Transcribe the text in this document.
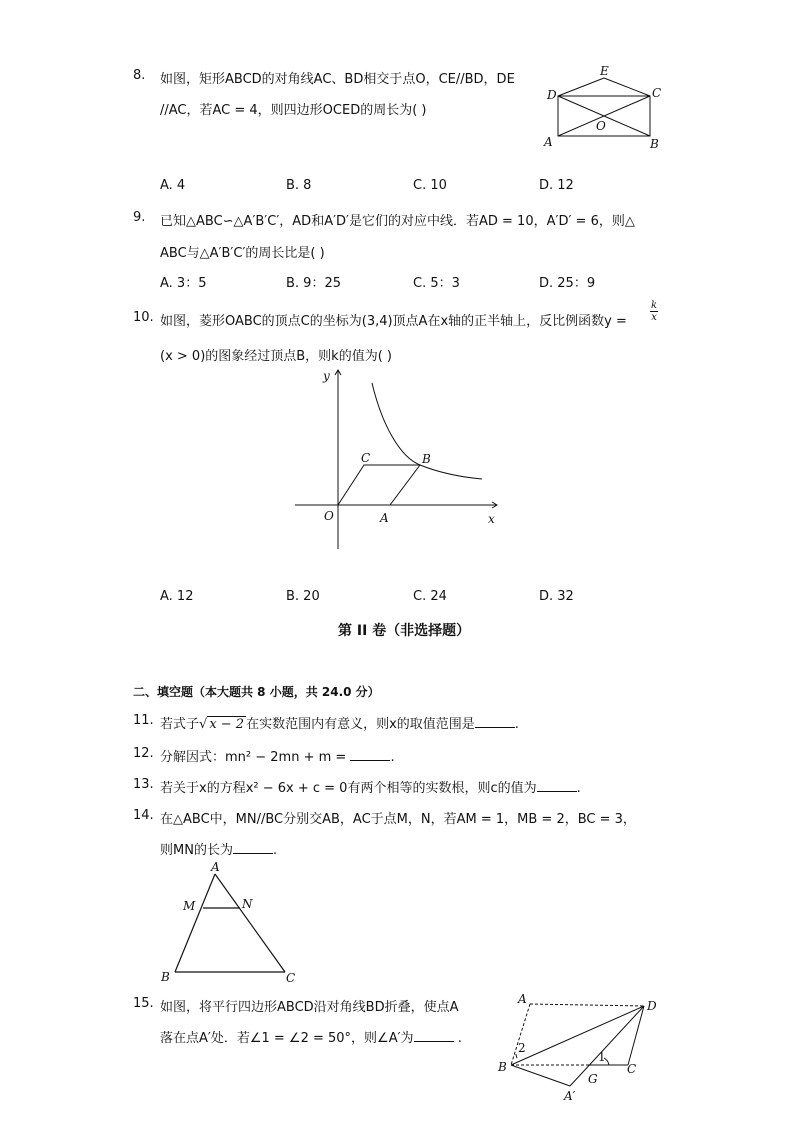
8. 如图，矩形ABCD的对角线AC、BD相交于点O，CE//BD，DE
//AC，若AC = 4，则四边形OCED的周长为( )
E
D	C
O
A	B
A. 4	B. 8	C. 10	D. 12
9. 已知△ABC∽△A′B′C′，AD和A′D′是它们的对应中线．若AD = 10，A′D′ = 6，则△
ABC与△A′B′C′的周长比是( )
A. 3：5	B. 9：25	C. 5：3	D. 25：9
10. 如图，菱形OABC的顶点C的坐标为(3,4)顶点A在x轴的正半轴上，反比例函数$y = \frac{k}{x}$
(x > 0)的图象经过顶点B，则k的值为( )
y
x
O	A
C	B
A. 12	B. 20	C. 24	D. 32
第 II 卷（非选择题）
二、填空题（本大题共 8 小题，共 24.0 分）
11. 若式子√ x − 2 在实数范围内有意义，则x的取值范围是	.
12. 分解因式：mn² − 2mn + m =	.
13. 若关于x的方程x² − 6x + c = 0有两个相等的实数根，则c的值为	.
14. 在△ABC中，MN//BC分别交AB，AC于点M，N，若AM = 1，MB = 2，BC = 3，
则MN的长为	.
A
M	N
B	C
15. 如图，将平行四边形ABCD沿对角线BD折叠，使点A
落在点A′处．若∠1 = ∠2 = 50°，则∠A′为	.
A	D
B
G
C
A′
1
2
